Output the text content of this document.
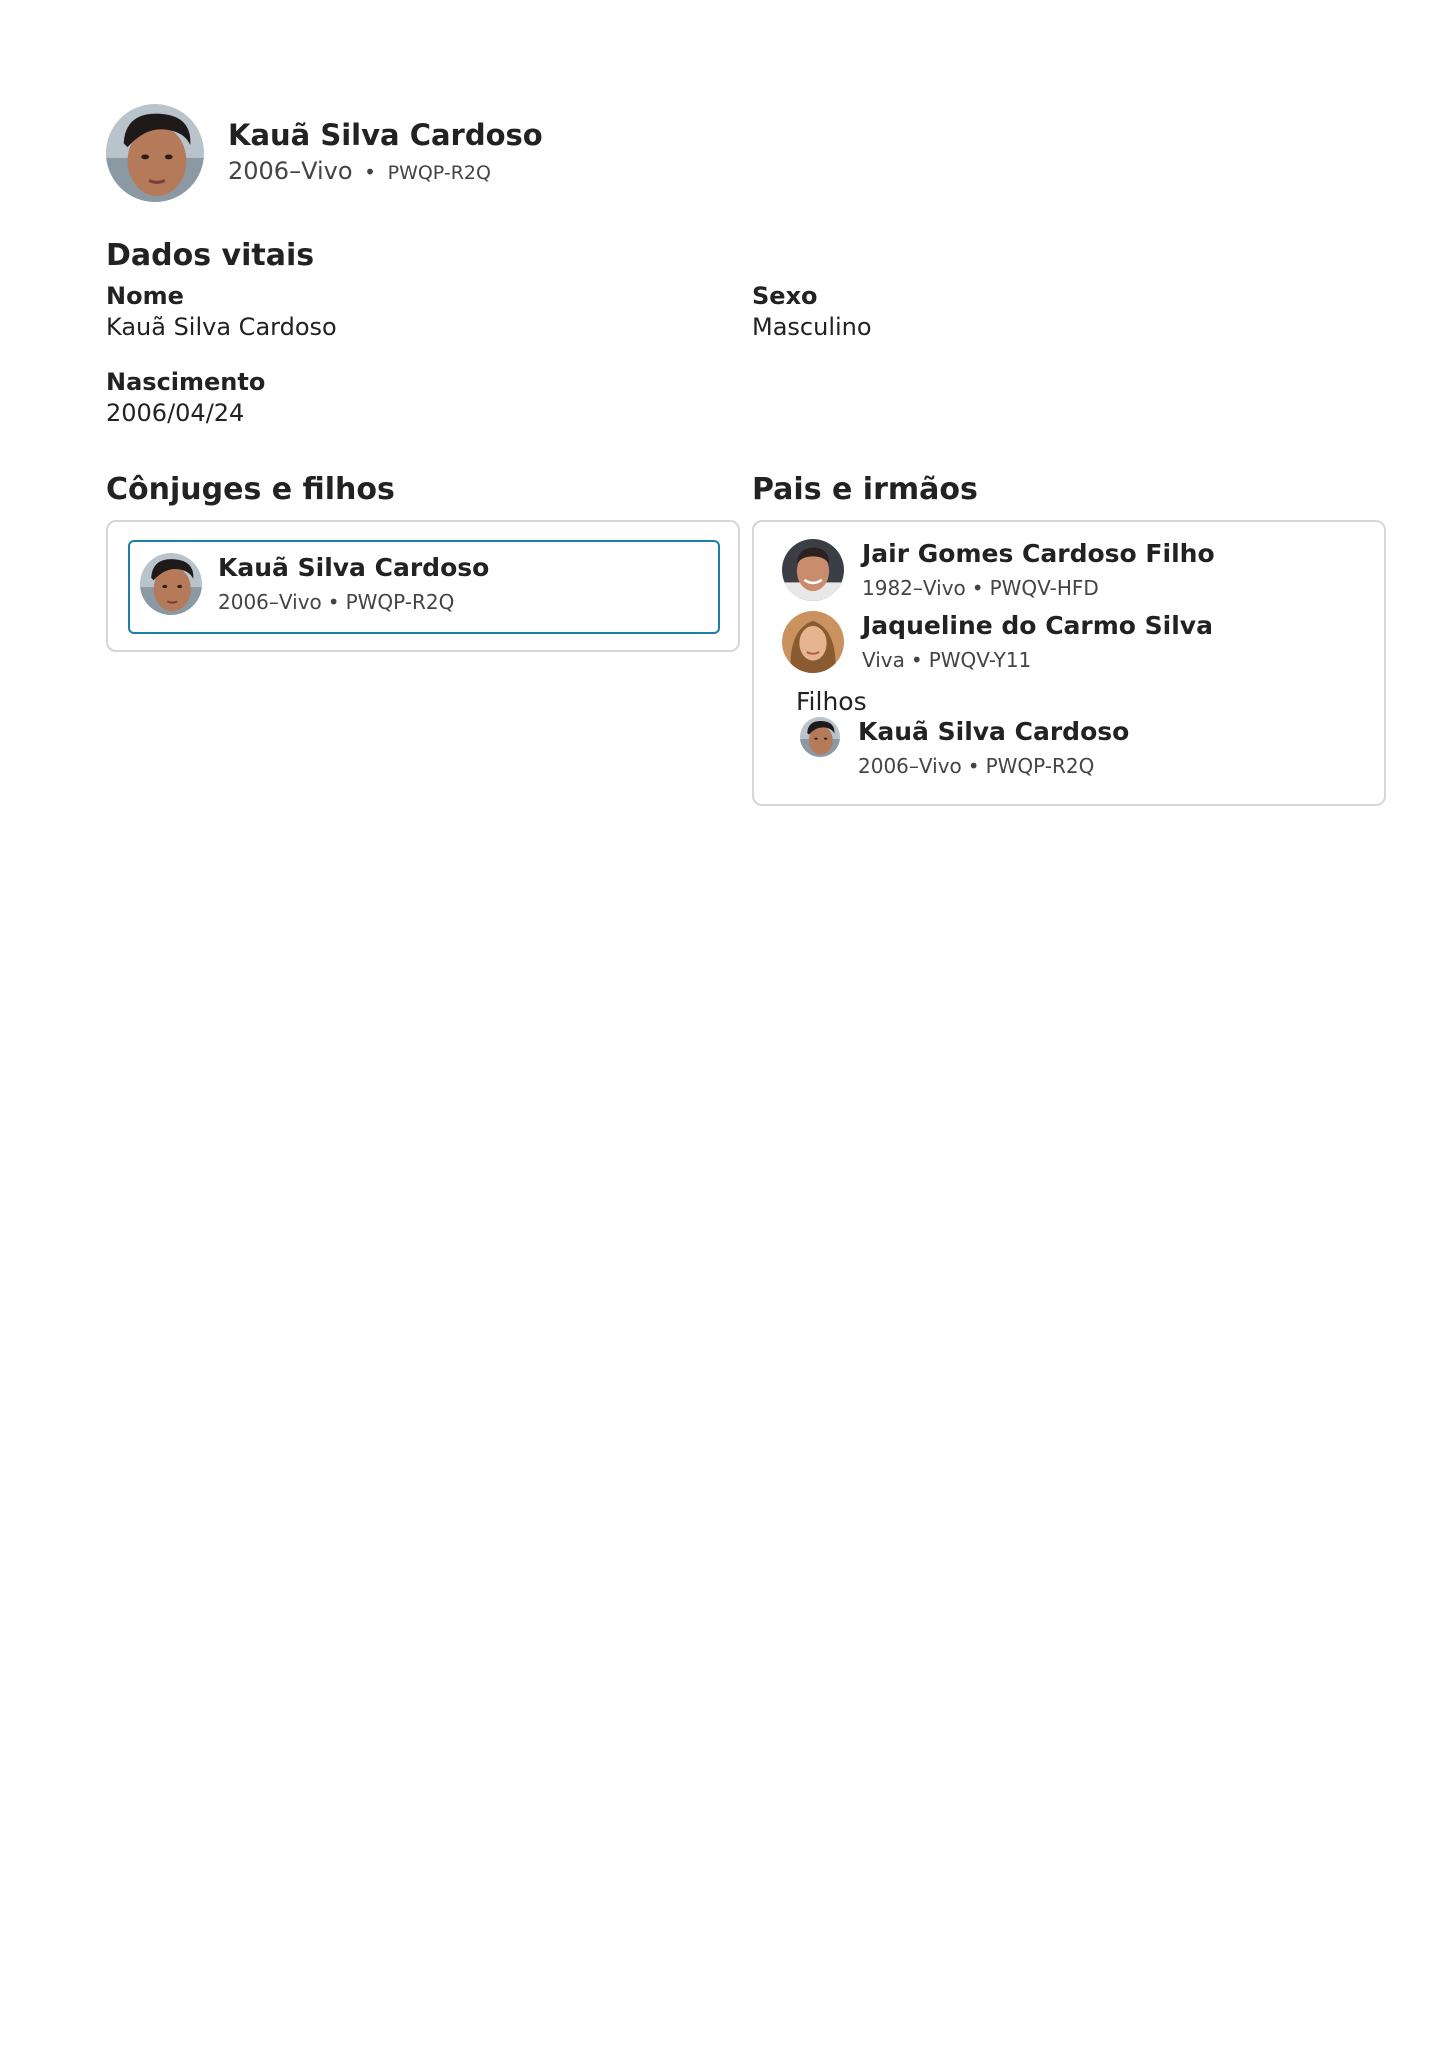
Kauã Silva Cardoso
2006–Vivo • PWQP-R2Q
Dados vitais
Nome
Kauã Silva Cardoso
Sexo
Masculino
Nascimento
2006/04/24
Cônjuges e filhos
Kauã Silva Cardoso
2006–Vivo • PWQP-R2Q
Pais e irmãos
Jair Gomes Cardoso Filho
1982–Vivo • PWQV-HFD
Jaqueline do Carmo Silva
Viva • PWQV-Y11
Filhos
Kauã Silva Cardoso
2006–Vivo • PWQP-R2Q
